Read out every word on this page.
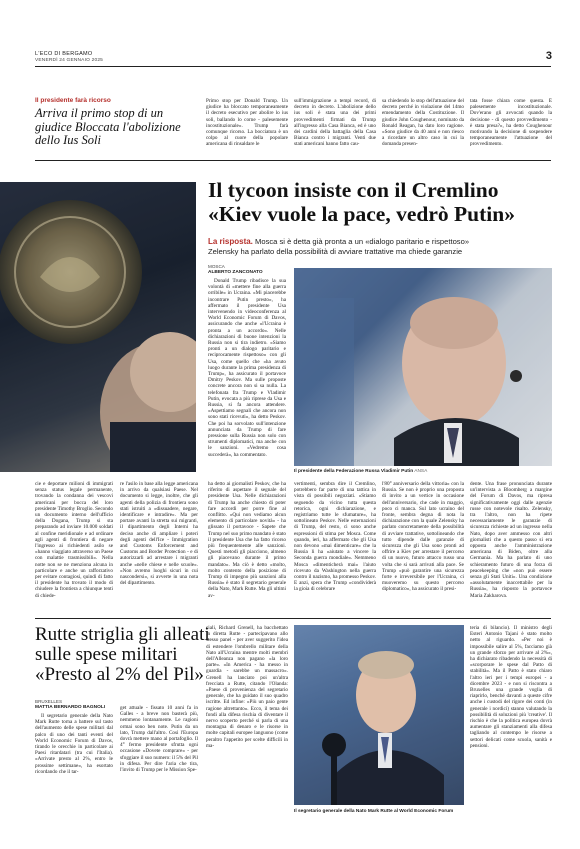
L'ECO DI BERGAMO
VENERDÌ 24 GENNAIO 2025	3
Il presidente farà ricorso
Arriva il primo stop di un giudice Bloccata l'abolizione dello Ius Soli
Primo stop per Donald Trump. Un giudice ha bloccato temporaneamente il decreto esecutivo per abolire lo ius soli, ballando lo corne - palesemente incostituzionale». Trump farà comunque ricorso. La bocciatura è un colpo al cuore della popolare americana di rinsaldare le
sull'immigrazione a tempi record, di decreto in decreto. L'abolizione dello ius soli è stata una dei primi provvedimenti firmati da Trump all'ingresso alla Casa Bianca, ed è uno dei cardini della battaglia della Casa Bianca contro i migranti. Venti due stati americani hanno fatto cau-
sa chiedendo lo stop dell'attuazione del decreto perché in violazione del 14mo emendamento della Costituzione. Il giudice John Coughenour, nominato da Ronald Reagan, ha dato loro ragione. «Sono giudice da 40 anni e non riesco a ricordare un altro caso in cui la domanda presen-
tata fosse chiara come questa. È palesemente incostituzionale. Dov'erano gli avvocati quando la decisione - di questo provvedimento - è stata presa?», ha detto Coughenour motivando la decisione di sospendere temporaneamente l'attuazione del provvedimento.
Il tycoon insiste con il Cremlino
«Kiev vuole la pace, vedrò Putin»
La risposta. Mosca si è detta già pronta a un «dialogo paritario e rispettoso»
Zelensky ha parlato della possibilità di avviare trattative ma chiede garanzie
MOSCA
ALBERTO ZANCONATO

Donald Trump ribadisce la sua volontà di «mettere fine alla guerra orribile» in Ucraina. «Mi piacerebbe incontrare Putin presto», ha affermato il presidente Usa intervenendo in videoconferenza al World Economic Forum di Davos, assicurando che anche «l'Ucraina è pronta a un accordo». Nelle dichiarazioni di buone intenzioni la Russia non si tira indietro. «Siamo pronti a un dialogo paritario e reciprocamente rispettoso» con gli Usa, come quello che «ha avuto luogo durante la prima presidenza di Trump», ha assicurato il portavoce Dmitry Peskov. Ma sulle proposte concrete ancora non si sa nulla. La telefonata fra Trump e Vladimir Putin, evocata a più riprese da Usa e Russia, si fa ancora attendere. «Aspettiamo segnali che ancora non sono stati ricevuti», ha detto Peskov. Che poi ha sorvolato sull'intenzione annunciata da Trump di fare pressione sulla Russia non solo con strumenti diplomatici, ma anche con le sanzioni. «Vedremo cosa succederà», ha commentato.

Il presidente della Federazione Russa Vladimir Putin ANSA
cie e deportare milioni di immigrati senza status legale permanente, trovando la condanna dei vescovi americani per bocca del loro presidente Timothy Broglio. Secondo un documento interno dell'ufficio della Dogana, Trump si sta preparando ad inviare 10.000 soldati al confine meridionale e ad ordinare agli agenti di frontiera di negare l'ingresso ai richiedenti asilo se «hanno viaggiato attraverso un Paese con malattie trasmissibili». Nella notte non se ne menziona alcuna in particolare e anche un rafforzativo per evitare contagiosi, quindi di fatto il presidente ha trovato il modo di chiudere la frontiera a chiunque tenti di chiede-
re l'asilo in base alla legge americana in arrivo da qualsiasi Paese. Nel documento si legge, inoltre, che gli agenti della polizia di frontiera sono stati istruiti a «dissuadere, negare, identificare e intradire». Ma per portare avanti la stretta sui migranti, il dipartimento degli Interni ha deciso anche di ampliare i poteri degli agenti dell'Ice - Immigration and Customs Enforcement and Customs and Border Protection - e di autorizzarli ad arrestare i migranti anche «nelle chiese e nelle scuole». «Non avremo luoghi sicuri in cui nascondersi», si avverte in una nota del dipartimento.
ha detto ai giornalisti Peskov, che ha riferito di aspettare il segnale del presidente Usa. Nelle dichiarazioni di Trump ha anche chiesto di poter fare accordi per porre fine al conflitto. «Qui non vediamo alcun elemento di particolare novità» - ha glissato il portavoce - Sapete che Trump nel suo primo mandato è stato il presidente Usa che ha fatto ricorso più frequentemente alle sanzioni. Questi metodi gli piacciono, almeno gli piacevano durante il primo mandato». Ma ciò è detto «molto, molto contento della posizione di Trump di impegno più sanzioni alla Russia» è stato il segretario generale della Nato, Mark Rutte. Ma gli ultimi av-
vertimenti, sembra dire il Cremlino, potrebbero far parte di una tattica in vista di possibili negoziati. «Stiamo seguendo da vicino tutta questa retorica, ogni dichiarazione, e registriamo tutte le sfumature», ha sottolineato Peskov. Nelle esternazioni di Trump, del resto, ci sono anche espressioni di stima per Mosca. Come quando, ieri, ha affermato che gli Usa non devono «mai dimenticare» che la Russia li ha «aiutato a vincere la Seconda guerra mondiale». Nemmeno Mosca «dimenticherà mai» l'aiuto ricevuto da Washington nella guerra contro il nazismo, ha promesso Peskov. E anzi, spera che Trump «condividerà la gioia di celebrare
l'80° anniversario della vittoria» con la Russia. Se non è proprio una proposta di invito a un vertice in occasione dell'anniversario, che cade in maggio, poco ci manca. Sul lato ucraino del fronte, sembra degna di nota la dichiarazione con la quale Zelensky ha parlato concretamente della possibilità di avviare trattative, sottolineando che tutto dipende dalle garanzie di sicurezza che gli Usa sono pronti ad offrire a Kiev per arrestare il percorso di un nuovo, futuro attacco russo una volta che si sarà arrivati alla pace. Se Trump «può garantire una sicurezza forte e irreversibile per l'Ucraina, ci muoveremo su questo percorso diplomatico», ha assicurato il presi-
dente. Una frase pronunciata durante un'intervista a Bloomberg a margine del Forum di Davos, ma ripresa significativamente oggi dalle agenzie russe con notevole risalto. Zelensky, tra l'altro, non ha ripete necessariamente le garanzie di sicurezza richieste ad un ingresso nella Nato, dopo aver ammesso con altri giornalisti che a questo passo si era opposta anche l'amministrazione americana di Biden, oltre alla Germania. Ma ha parlato di uno schieramento futuro di una forza di peacekeeping che «non può essere senza gli Stati Uniti». Una condizione «assolutamente inaccettabile per la Russia», ha risposto la portavoce Maria Zakharova.
Rutte striglia gli alleati
sulle spese militari
«Presto al 2% del Pil»
BRUXELLES
MATTIA BERNARDO BAGNOLI

Il segretario generale della Nato Mark Rutte torna a battere sul tasto dell'aumento delle spese militari dal palco di uno dei tanti eventi del World Economic Forum di Davos, tirando le orecchie in particolare ai Paesi ritardatari (tra cui l'Italia). «Arrivate presto al 2%, entro le prossime settimane», ha esortato ricordando che il tar-

get attuale - fissato 10 anni fa in Galles - a breve non basterà più, nemmeno lontanamente. Le ragioni ormai sono ben note. Putin da un lato, Trump dall'altro. Così l'Europa dovrà mettere mano al portafoglio. Il 4° fermo presidente sfrutta ogni occasione «Dovete comprare» - per sfoggiare il suo numero: il 5% del Pil in difesa. Per dire l'aria che tira, l'invito di Trump per le Mission Spe-
ciali, Richard Grenell, ha bacchettato in diretta Rutte - partecipavano allo stesso panel - per aver suggerito l'idea di estendere l'ombrello militare della Nato all'Ucraina mentre molti membri dell'Alleanza non pagano «la loro parte». «In America - ha messo in guardia - sarebbe un massacro». Grenell ha lanciato poi un'altra frecciata a Rutte, citando l'Olanda: «Paese di provenienza del segretario generale, che ha guidato il suo quadro iscritte. Ed infine: «Più un paio gente ragione altrettanto». Ecco, il tema dei fondi alla difesa rischia di diventare il nervo scoperto perché si parla di una montagna di denaro e le risorse in molte capitali europee languono (come peraltro l'appetito per scelte difficili in ma-
Il segretario generale della Nato Mark Rutte al World Economic Forum
teria di bilancio). Il ministro degli Esteri Antonio Tajani è stato molto netto al riguardo. «Per noi è impossibile salire al 5%, facciamo già un grande sforzo per arrivare al 2%», ha dichiarato ribadendo la necessità di «scorporare le spese dal Patto di stabilità». Ma il Patto è stato chiaro l'altro ieri per i tempi europei - a dicembre 2023 - e non si riscontra a Bruxelles una grande voglia di riaprirlo, benché davanti a queste cifre anche i custodi del rigore dei conti (in generale i nordici) stanno valutando la possibilità di soluzioni più 'creative'. Il rischio è che la politica europea dovrà aumentare gli stanziamenti alla difesa tagliando al contempo le risorse a settori delicati come scuola, sanità e pensioni.
